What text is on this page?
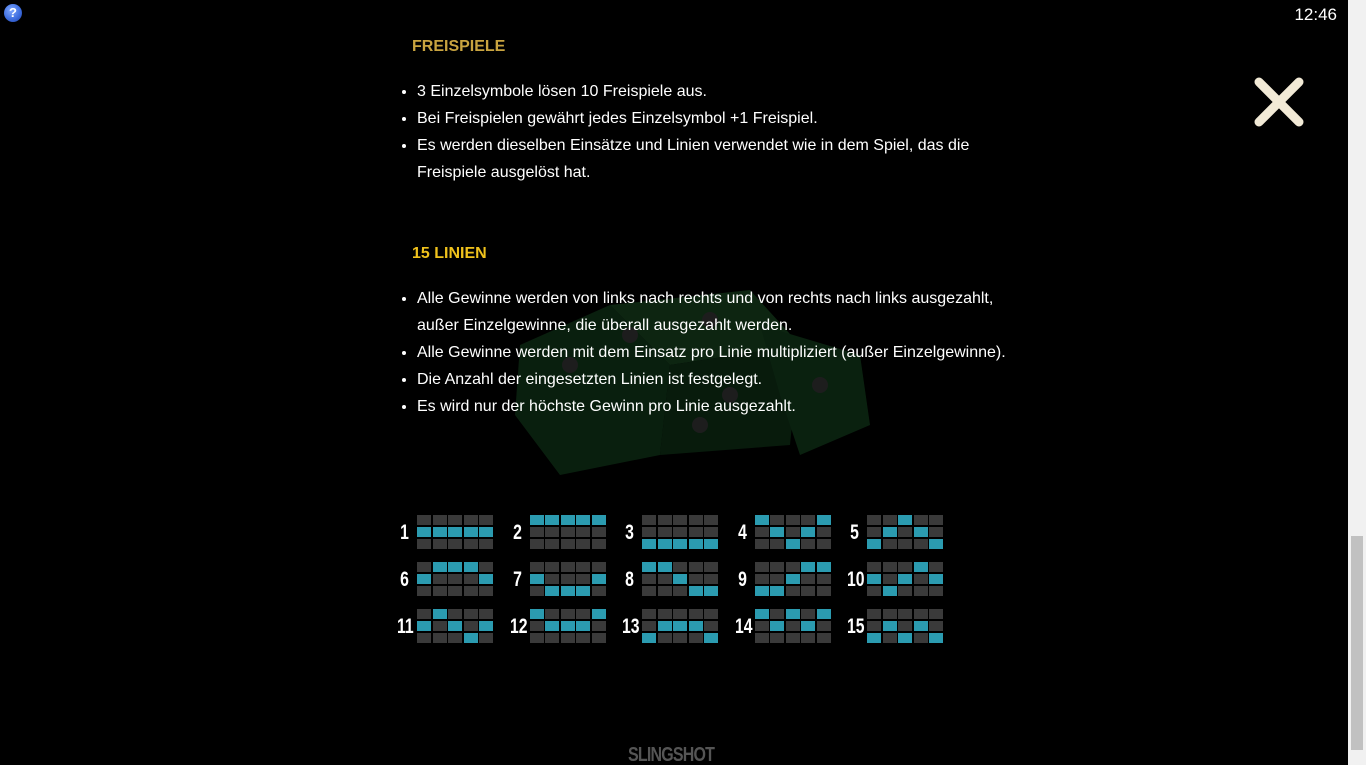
?	12:46
FREISPIELE
• 3 Einzelsymbole lösen 10 Freispiele aus.
• Bei Freispielen gewährt jedes Einzelsymbol +1 Freispiel.
• Es werden dieselben Einsätze und Linien verwendet wie in dem Spiel, das die Freispiele ausgelöst hat.
15 LINIEN
• Alle Gewinne werden von links nach rechts und von rechts nach links ausgezahlt, außer Einzelgewinne, die überall ausgezahlt werden.
• Alle Gewinne werden mit dem Einsatz pro Linie multipliziert (außer Einzelgewinne).
• Die Anzahl der eingesetzten Linien ist festgelegt.
• Es wird nur der höchste Gewinn pro Linie ausgezahlt.
1	2	3	4	5
6	7	8	9	10
11	12	13	14	15
SLINGSHOT
